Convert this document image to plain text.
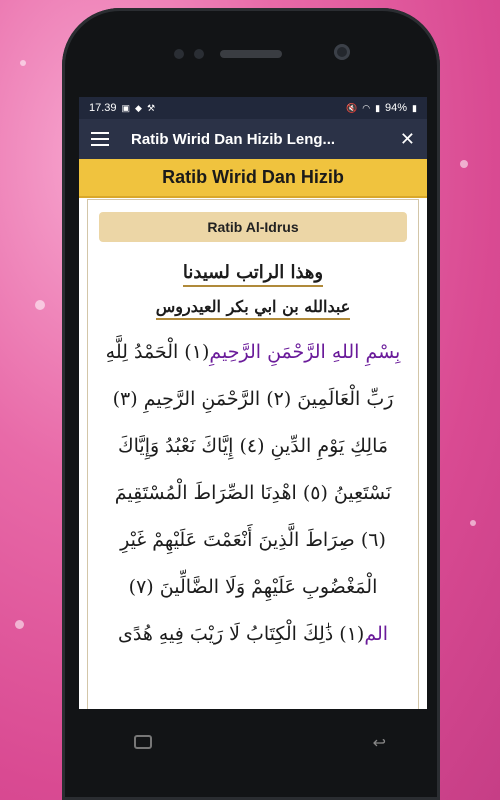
17.39 ▣ ◆ ⚒	🔇 ◠ ▮ 94% ▮
Ratib Wirid Dan Hizib Leng...	✕
Ratib Wirid Dan Hizib
Ratib Al-Idrus
وهذا الراتب لسيدنا
عبدالله بن ابي بكر العيدروس
بِسْمِ اللهِ الرَّحْمَنِ الرَّحِيمِ
(١) الْحَمْدُ لِلَّهِ
رَبِّ الْعَالَمِينَ (٢) الرَّحْمَنِ الرَّحِيمِ (٣)
مَالِكِ يَوْمِ الدِّينِ (٤) إِيَّاكَ نَعْبُدُ وَإِيَّاكَ
نَسْتَعِينُ (٥) اهْدِنَا الصِّرَاطَ الْمُسْتَقِيمَ
(٦) صِرَاطَ الَّذِينَ أَنْعَمْتَ عَلَيْهِمْ غَيْرِ
الْمَغْضُوبِ عَلَيْهِمْ وَلَا الضَّالِّينَ (٧)
الم
(١) ذَٰلِكَ الْكِتَابُ لَا رَيْبَ فِيهِ هُدًى
↩
